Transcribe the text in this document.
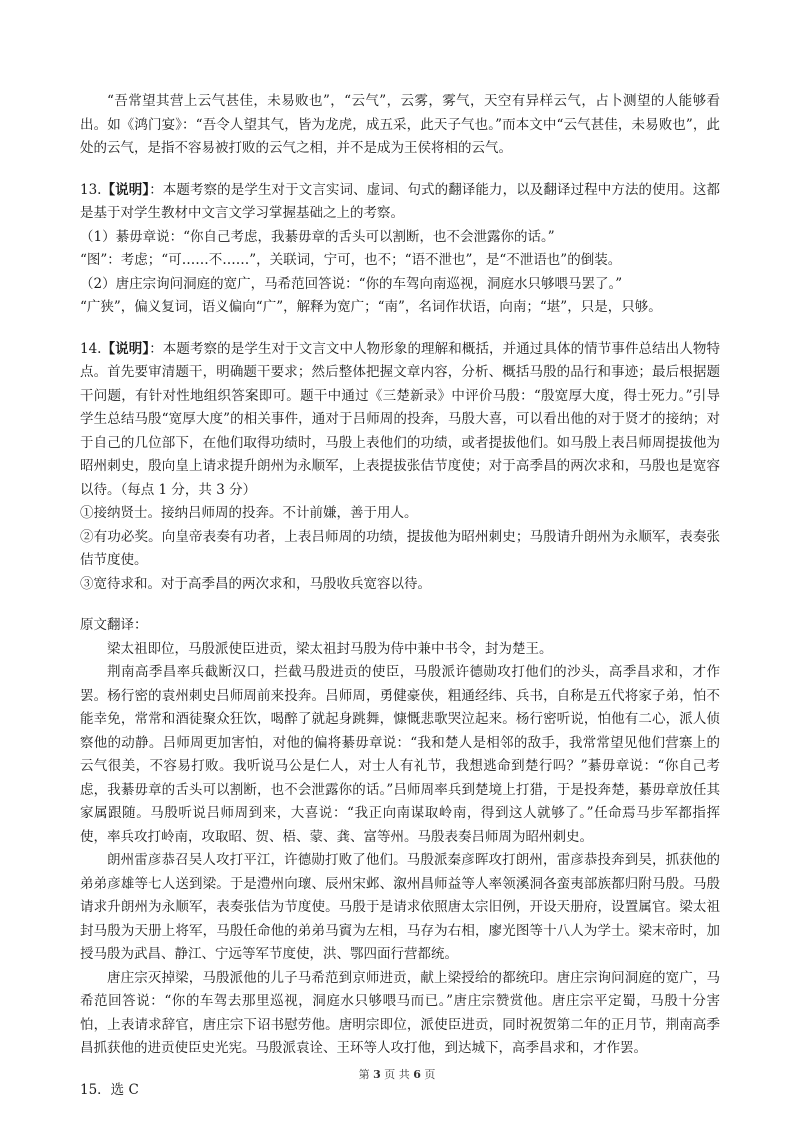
“吾常望其营上云气甚佳，未易败也”，“云气”，云雾，雾气，天空有异样云气，占卜测望的人能够看出。如《鸿门宴》：“吾令人望其气，皆为龙虎，成五采，此天子气也。”而本文中“云气甚佳，未易败也”，此处的云气，是指不容易被打败的云气之相，并不是成为王侯将相的云气。

13.【说明】：本题考察的是学生对于文言实词、虚词、句式的翻译能力，以及翻译过程中方法的使用。这都是基于对学生教材中文言文学习掌握基础之上的考察。

（1）綦毋章说：“你自己考虑，我綦毋章的舌头可以割断，也不会泄露你的话。”

“图”：考虑；“可……不……”，关联词，宁可，也不；“语不泄也”，是“不泄语也”的倒装。

（2）唐庄宗询问洞庭的宽广，马希范回答说：“你的车驾向南巡视，洞庭水只够喂马罢了。”

“广狭”，偏义复词，语义偏向“广”，解释为宽广；“南”，名词作状语，向南；“堪”，只是，只够。

14.【说明】：本题考察的是学生对于文言文中人物形象的理解和概括，并通过具体的情节事件总结出人物特点。首先要审清题干，明确题干要求；然后整体把握文章内容，分析、概括马殷的品行和事迹；最后根据题干问题，有针对性地组织答案即可。题干中通过《三楚新录》中评价马殷：“殷宽厚大度，得士死力。”引导学生总结马殷“宽厚大度”的相关事件，通对于吕师周的投奔，马殷大喜，可以看出他的对于贤才的接纳；对于自己的几位部下，在他们取得功绩时，马殷上表他们的功绩，或者提拔他们。如马殷上表吕师周提拔他为昭州刺史，殷向皇上请求提升朗州为永顺军，上表提拔张佶节度使；对于高季昌的两次求和，马殷也是宽容以待。（每点 1 分，共 3 分）

①接纳贤士。接纳吕师周的投奔。不计前嫌，善于用人。

②有功必奖。向皇帝表奏有功者，上表吕师周的功绩，提拔他为昭州刺史；马殷请升朗州为永顺军，表奏张佶节度使。

③宽待求和。对于高季昌的两次求和，马殷收兵宽容以待。

原文翻译：

梁太祖即位，马殷派使臣进贡，梁太祖封马殷为侍中兼中书令，封为楚王。

荆南高季昌率兵截断汉口，拦截马殷进贡的使臣，马殷派许德勋攻打他们的沙头，高季昌求和，才作罢。杨行密的袁州刺史吕师周前来投奔。吕师周，勇健豪侠，粗通经纬、兵书，自称是五代将家子弟，怕不能幸免，常常和酒徒聚众狂饮，喝醉了就起身跳舞，慷慨悲歌哭泣起来。杨行密听说，怕他有二心，派人侦察他的动静。吕师周更加害怕，对他的偏将綦毋章说：“我和楚人是相邻的敌手，我常常望见他们营寨上的云气很美，不容易打败。我听说马公是仁人，对士人有礼节，我想逃命到楚行吗？”綦毋章说：“你自己考虑，我綦毋章的舌头可以割断，也不会泄露你的话。”吕师周率兵到楚境上打猎，于是投奔楚，綦毋章放任其家属跟随。马殷听说吕师周到来，大喜说：“我正向南谋取岭南，得到这人就够了。”任命焉马步军都指挥使，率兵攻打岭南，攻取昭、贺、梧、蒙、龚、富等州。马殷表奏吕师周为昭州刺史。

朗州雷彦恭召吴人攻打平江，许德勋打败了他们。马殷派秦彦晖攻打朗州，雷彦恭投奔到吴，抓获他的弟弟彦雄等七人送到梁。于是澧州向瓌、辰州宋邺、溆州昌师益等人率领溪洞各蛮夷部族都归附马殷。马殷请求升朗州为永顺军，表奏张佶为节度使。马殷于是请求依照唐太宗旧例，开设天册府，设置属官。梁太祖封马殷为天册上将军，马殷任命他的弟弟马賨为左相，马存为右相，廖光图等十八人为学士。梁末帝时，加授马殷为武昌、静江、宁远等军节度使，洪、鄂四面行营都统。

唐庄宗灭掉梁，马殷派他的儿子马希范到京师进贡，献上梁授给的都统印。唐庄宗询问洞庭的宽广，马希范回答说：“你的车驾去那里巡视，洞庭水只够喂马而已。”唐庄宗赞赏他。唐庄宗平定蜀，马殷十分害怕，上表请求辞官，唐庄宗下诏书慰劳他。唐明宗即位，派使臣进贡，同时祝贺第二年的正月节，荆南高季昌抓获他的进贡使臣史光宪。马殷派袁诠、王环等人攻打他，到达城下，高季昌求和，才作罢。

15．选 C

第 3 页 共 6 页
